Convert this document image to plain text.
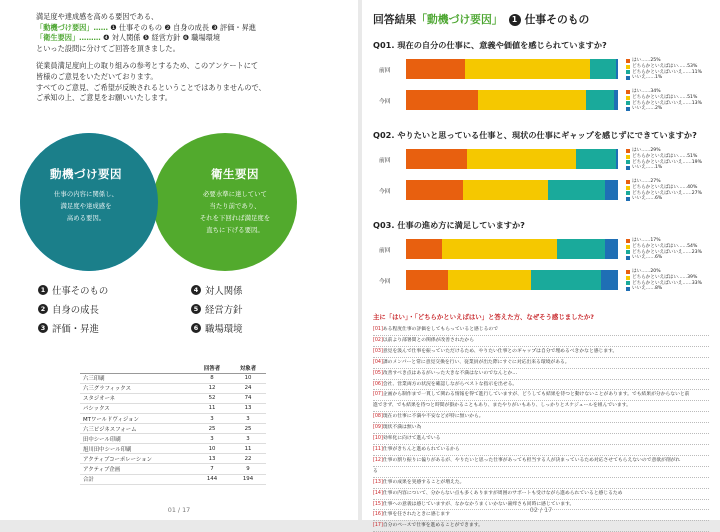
満足度や達成感を高める要因である、
「動機づけ要因」…… ❶ 仕事そのもの ❷ 自身の成長 ❸ 評価・昇進
「衛生要因」……… ❹ 対人関係 ❺ 経営方針 ❻ 職場環境
といった設問に分けてご回答を頂きました。
従業員満足度向上の取り組みの参考とするため、このアンケートにて
皆様のご意見をいただいております。
すべてのご意見、ご希望が反映されるということではありませんので、
ご承知の上、ご意見をお願いいたします。
動機づけ要因
仕事の内容に関係し、
満足度や達成感を
高める要因。
衛生要因
必要水準に達していて
当たり前であり、
それを下回れば満足度を
直ちに下げる要因。
1 仕事そのもの	4 対人関係
2 自身の成長	5 経営方針
3 評価・昇進	6 職場環境
	回答者	対象者
六三印刷	8	10
六三グラフィックス	12	24
スタジオーネ	52	74
パシックス	11	13
MTワールドヴィジョン	3	3
六三ビジネスフォーム	25	25
田中シール印刷	3	3
旭川田中シール印刷	10	11
アクティブコーポレーション	13	22
アクティブ企画	7	9
合計	144	194
01 / 17
回答結果 「動機づけ要因」	1 仕事そのもの
Q01. 現在の自分の仕事に、意義や価値を感じられていますか?
前回
はい……25%
どちらかといえばはい……53%
どちらかといえばいいえ……11%
いいえ……1%
今回
はい……34%
どちらかといえばはい……51%
どちらかといえばいいえ……13%
いいえ……2%
Q02. やりたいと思っている仕事と、現状の仕事にギャップを感じずにできていますか?
前回
はい……29%
どちらかといえばはい……51%
どちらかといえばいいえ……19%
いいえ……1%
今回
はい……27%
どちらかといえばはい……40%
どちらかといえばいいえ……27%
いいえ……6%
Q03. 仕事の進め方に満足していますか?
前回
はい……17%
どちらかといえばはい……54%
どちらかといえばいいえ……23%
いいえ……6%
今回
はい……20%
どちらかといえばはい……39%
どちらかといえばいいえ……33%
いいえ……8%
主に「はい」・「どちらかといえばはい」と答えた方、なぜそう感じましたか?
[01]ある程度仕事の評価をしてもらっていると感じるので
[02]以前より部署間との関係が改善されたから
[03]意見を汲んで仕事を振っていただけるため、やりたい仕事とのギャップは自分で埋めるべきかなと感じます。
[04]課のメンバーと常に意見交換を行い、従業員が出た際にすぐに対応出来る環境がある。
[05]改善すべき点はあるがいった大きな不満はないのでなんとか…
[06]会社、営業両方の状況を確認しながらベストな指示を出せる。
[07]企画から制作まで一貫して関わる情報を得て進行していますが、どうしても結果を待つと動けないことがあります。でも結果が分からないと前
進できず、でも結果を待つと時間が掛かることもあり、またやりがいもあり、しっかりとスケジュールを組んでいます。
[08]現在の仕事に不満や不安などが特に無いから。
[09]現状不満は無い為
[10]効率化に向けて進んでいる
[11]仕事がきちんと進められているから
[12]仕事の割り振りに偏りがあるが、やりたいと思った仕事があっても担当する人が決まっているため対応させてもらえないので意欲が削がれ
る
[13]仕事の成果を実感することが増えた。
[14]仕事の内容について、分からない点も多くありますが周囲のサポートも受けながら進められていると感じるため
[15]仕事への意義は感じていますが、なかなかうまくいかない歯痒さも同時に感じています。
[16]仕事を任されたときに感じます
[17]自分のペースで仕事を進めることができます。
02 / 17
